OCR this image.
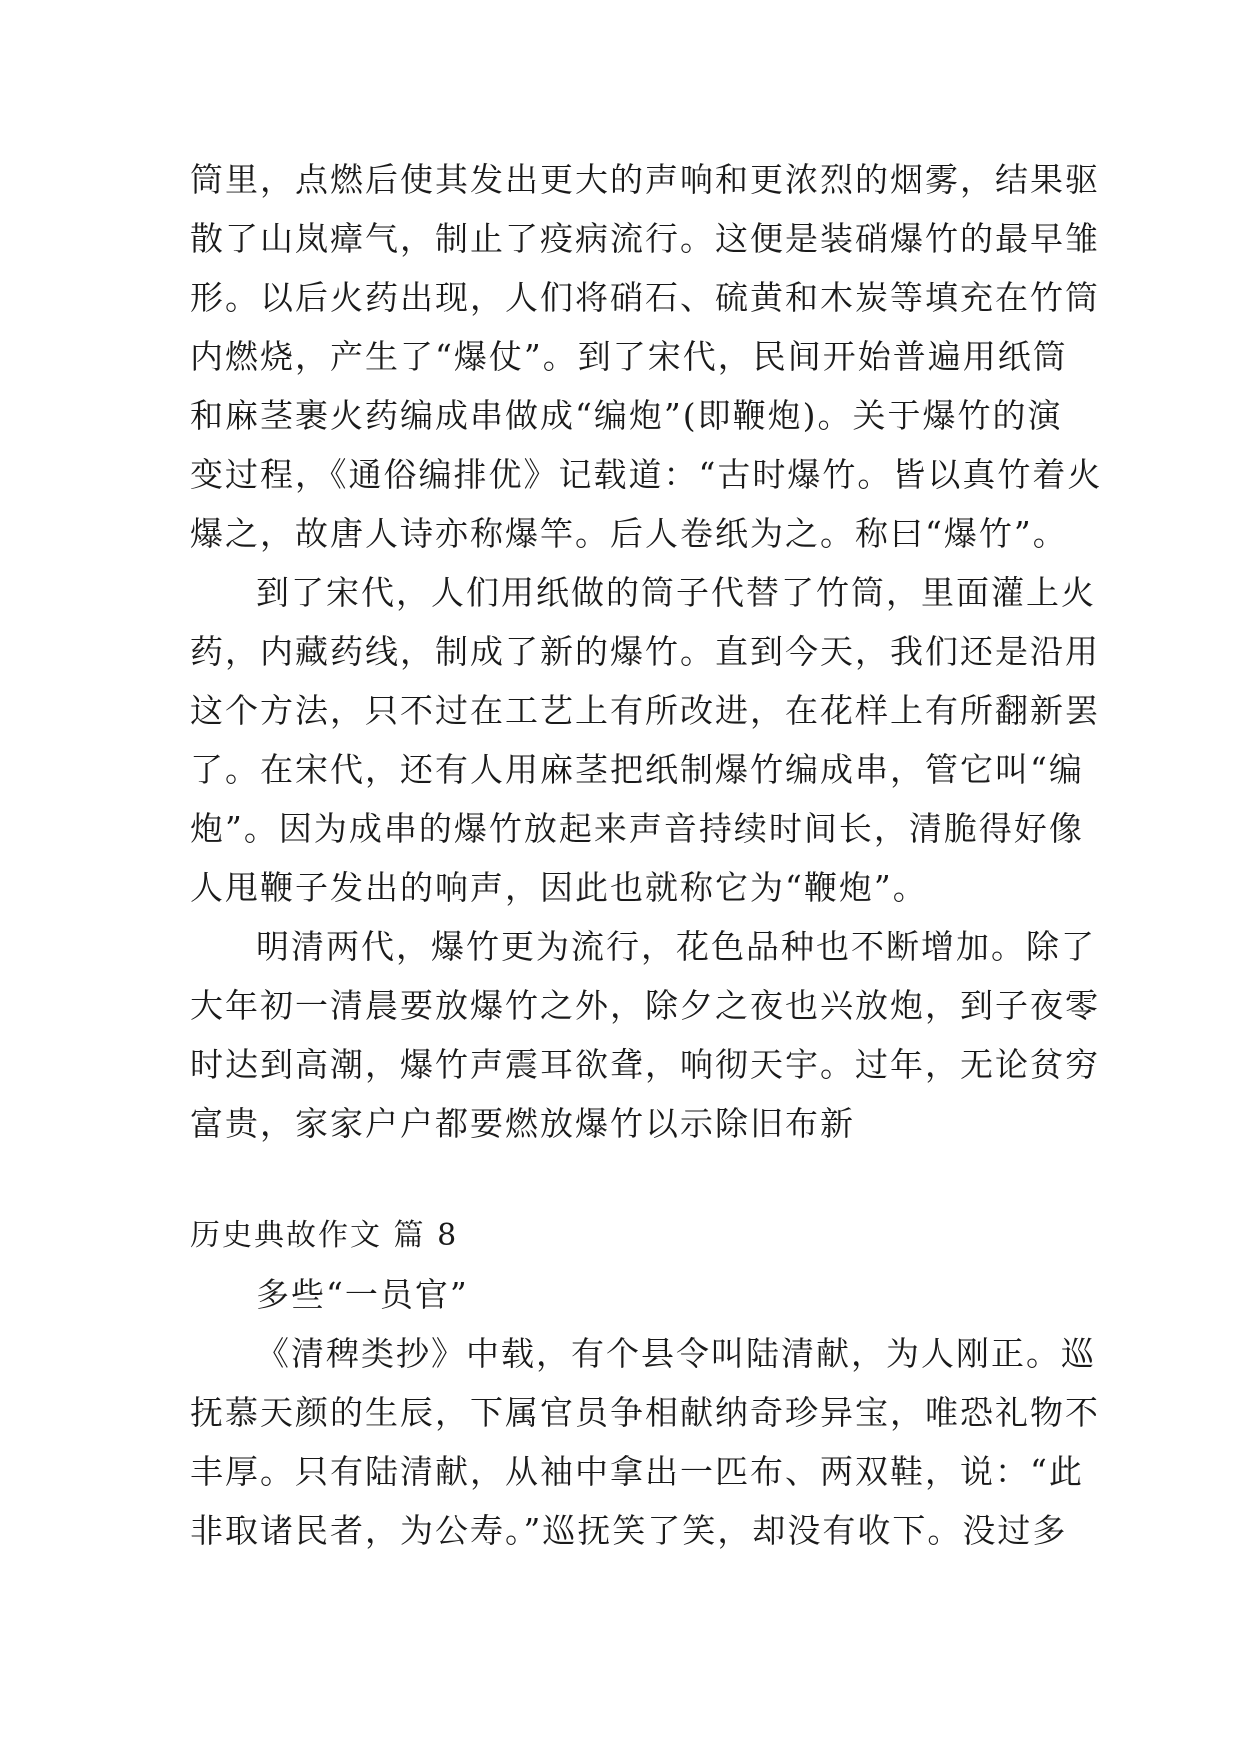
筒里，点燃后使其发出更大的声响和更浓烈的烟雾，结果驱
散了山岚瘴气，制止了疫病流行。这便是装硝爆竹的最早雏
形。以后火药出现，人们将硝石、硫黄和木炭等填充在竹筒
内燃烧，产生了“爆仗”。到了宋代，民间开始普遍用纸筒
和麻茎裹火药编成串做成“编炮”(即鞭炮)。关于爆竹的演
变过程，《通俗编排优》记载道：“古时爆竹。皆以真竹着火
爆之，故唐人诗亦称爆竿。后人卷纸为之。称曰“爆竹”。
到了宋代，人们用纸做的筒子代替了竹筒，里面灌上火
药，内藏药线，制成了新的爆竹。直到今天，我们还是沿用
这个方法，只不过在工艺上有所改进，在花样上有所翻新罢
了。在宋代，还有人用麻茎把纸制爆竹编成串，管它叫“编
炮”。因为成串的爆竹放起来声音持续时间长，清脆得好像
人甩鞭子发出的响声，因此也就称它为“鞭炮”。
明清两代，爆竹更为流行，花色品种也不断增加。除了
大年初一清晨要放爆竹之外，除夕之夜也兴放炮，到子夜零
时达到高潮，爆竹声震耳欲聋，响彻天宇。过年，无论贫穷
富贵，家家户户都要燃放爆竹以示除旧布新
历史典故作文 篇 8
多些“一员官”
《清稗类抄》中载，有个县令叫陆清献，为人刚正。巡
抚慕天颜的生辰，下属官员争相献纳奇珍异宝，唯恐礼物不
丰厚。只有陆清献，从袖中拿出一匹布、两双鞋，说：“此
非取诸民者，为公寿。”巡抚笑了笑，却没有收下。没过多
